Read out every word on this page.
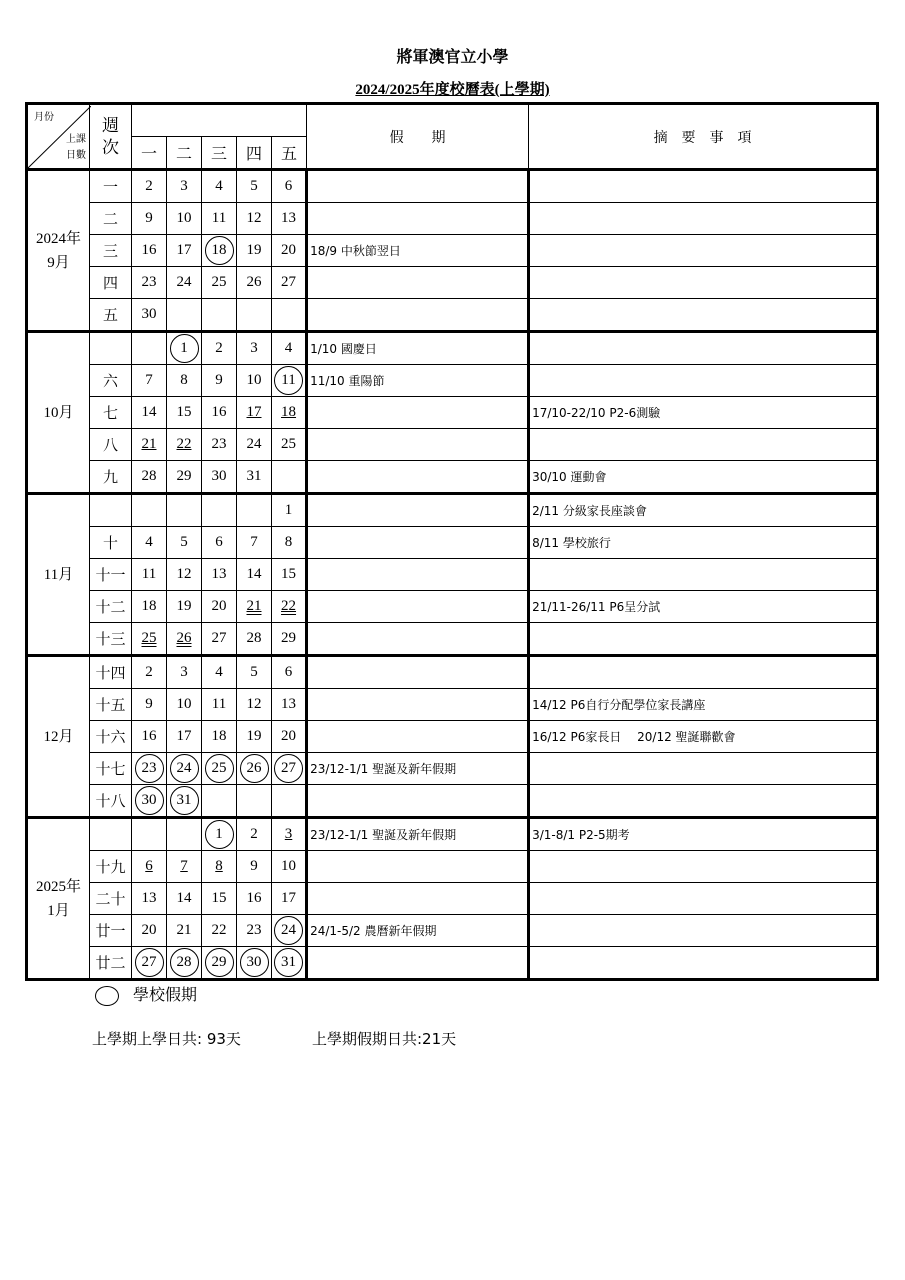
將軍澳官立小學
2024/2025年度校曆表(上學期)
月份
上課
日數	週
次						假　　期	摘　要　事　項
		一	二	三	四	五		
2024年
9月	一	2	3	4	5	6		
	二	9	10	11	12	13		
	三	16	17	18	19	20	18/9 中秋節翌日	
	四	23	24	25	26	27		
	五	30						
10月			1	2	3	4	1/10 國慶日	
	六	7	8	9	10	11	11/10 重陽節	
	七	14	15	16	17	18		17/10-22/10 P2-6測驗
	八	21	22	23	24	25		
	九	28	29	30	31			30/10 運動會
11月						1		2/11 分級家長座談會
	十	4	5	6	7	8		8/11 學校旅行
	十一	11	12	13	14	15		
	十二	18	19	20	21	22		21/11-26/11 P6呈分試
	十三	25	26	27	28	29		
12月	十四	2	3	4	5	6		
	十五	9	10	11	12	13		14/12 P6自行分配學位家長講座
	十六	16	17	18	19	20		16/12 P6家長日　 20/12 聖誕聯歡會
	十七	23	24	25	26	27	23/12-1/1 聖誕及新年假期	
	十八	30	31					
2025年
1月				1	2	3	23/12-1/1 聖誕及新年假期	3/1-8/1 P2-5期考
	十九	6	7	8	9	10		
	二十	13	14	15	16	17		
	廿一	20	21	22	23	24	24/1-5/2 農曆新年假期	
	廿二	27	28	29	30	31		
學校假期
上學期上學日共: 93天	上學期假期日共:21天
